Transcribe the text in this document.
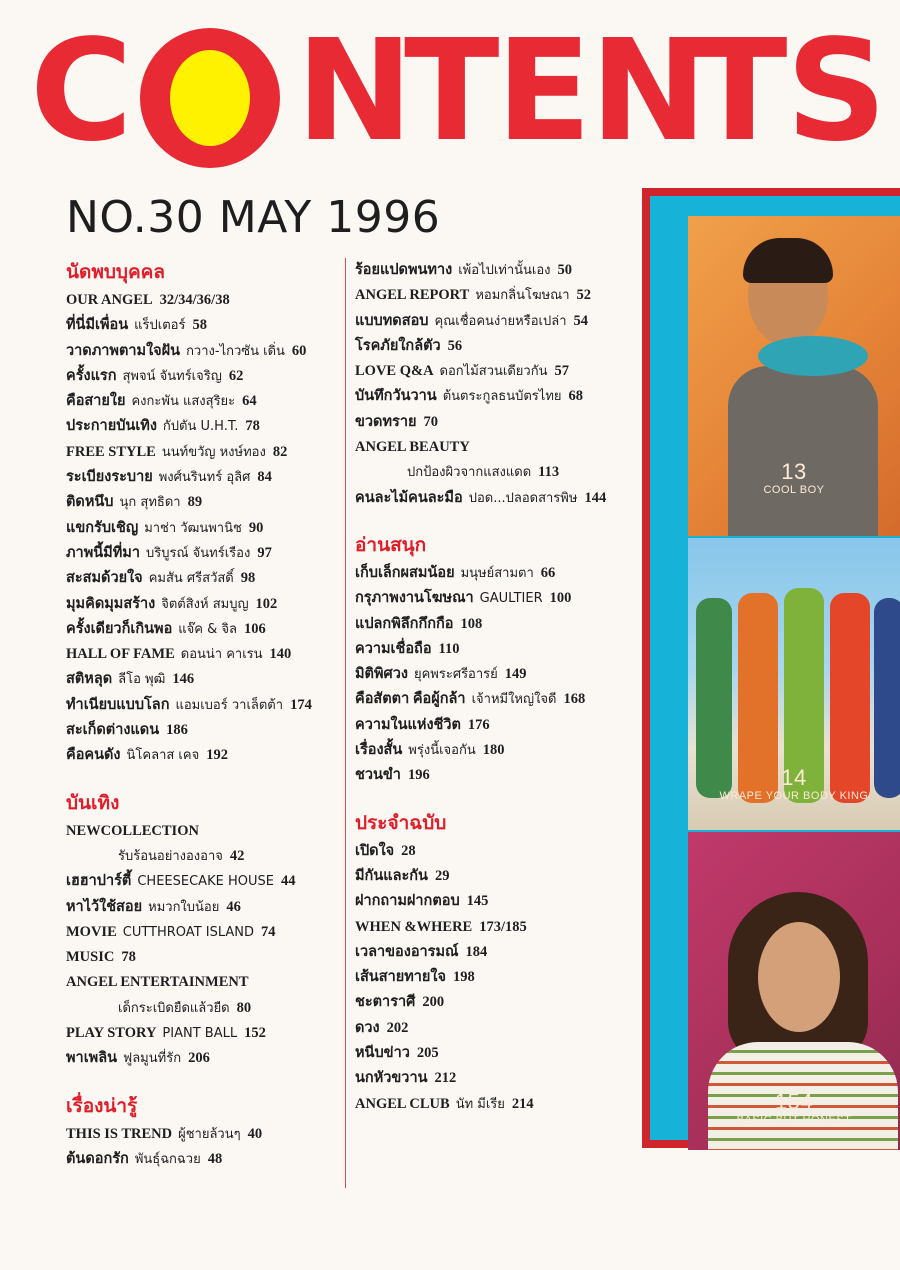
C N
T
E
N
T
S
NO.30 MAY 1996
นัดพบบุคคล
OUR ANGEL 32/34/36/38
ที่นี่มีเพื่อน แร็ปเตอร์ 58
วาดภาพตามใจฝัน กวาง-ไกวซัน เดิ่น 60
ครั้งแรก สุพจน์ จันทร์เจริญ 62
คือสายใย คงกะพัน แสงสุริยะ 64
ประกายบันเทิง กัปตัน U.H.T. 78
FREE STYLE นนท์ขวัญ หงษ์ทอง 82
ระเบียงระบาย พงศ์นรินทร์ อุลิศ 84
ติดหนึบ นุก สุทธิดา 89
แขกรับเชิญ มาช่า วัฒนพานิช 90
ภาพนี้มีที่มา บริบูรณ์ จันทร์เรือง 97
สะสมด้วยใจ คมสัน ศรีสวัสดิ์ 98
มุมคิดมุมสร้าง จิตต์สิงห์ สมบูญ 102
ครั้งเดียวก็เกินพอ แจ๊ค & จิล 106
HALL OF FAME ดอนน่า คาเรน 140
สติหลุด ลีโอ พุฒิ 146
ทำเนียบแบบโลก แอมเบอร์ วาเล็ตต้า 174
สะเก็ดต่างแดน 186
คือคนดัง นิโคลาส เคจ 192
บันเทิง
NEWCOLLECTION
รับร้อนอย่างองอาจ 42
เฮฮาปาร์ตี้ CHEESECAKE HOUSE 44
หาไว้ใช้สอย หมวกใบน้อย 46
MOVIE CUTTHROAT ISLAND 74
MUSIC 78
ANGEL ENTERTAINMENT
เด็กระเบิดยืดแล้วยืด 80
PLAY STORY PIANT BALL 152
พาเพลิน ฟูลมูนที่รัก 206
เรื่องน่ารู้
THIS IS TREND ผู้ชายล้วนๆ 40
ต้นดอกรัก พันธุ์ฉกฉวย 48
ร้อยแปดพนทาง เพ้อไปเท่านั้นเอง 50
ANGEL REPORT หอมกลิ่นโฆษณา 52
แบบทดสอบ คุณเชื่อคนง่ายหรือเปล่า 54
โรคภัยใกล้ตัว 56
LOVE Q&A ดอกไม้สวนเดียวกัน 57
บันทึกวันวาน ต้นตระกูลธนบัตรไทย 68
ขวดทราย 70
ANGEL BEAUTY
ปกป้องผิวจากแสงแดด 113
คนละไม้คนละมือ ปอด...ปลอดสารพิษ 144
อ่านสนุก
เก็บเล็กผสมน้อย มนุษย์สามตา 66
กรุภาพงานโฆษณา GAULTIER 100
แปลกพิลึกกึกกือ 108
ความเชื่อถือ 110
มิติพิศวง ยุคพระศรีอารย์ 149
คือสัตตา คือผู้กล้า เจ้าหมีใหญ่ใจดี 168
ความในแห่งชีวิต 176
เรื่องสั้น พรุ่งนี้เจอกัน 180
ชวนขำ 196
ประจำฉบับ
เปิดใจ 28
มีกันและกัน 29
ฝากถามฝากตอบ 145
WHEN &WHERE 173/185
เวลาของอารมณ์ 184
เส้นสายทายใจ 198
ชะตาราศี 200
ดวง 202
หนีบข่าว 205
นกหัวขวาน 212
ANGEL CLUB นัท มีเรีย 214
13
COOL BOY
14
WRAPE YOUR BODY KING
154
BASIC BUT HONEST
